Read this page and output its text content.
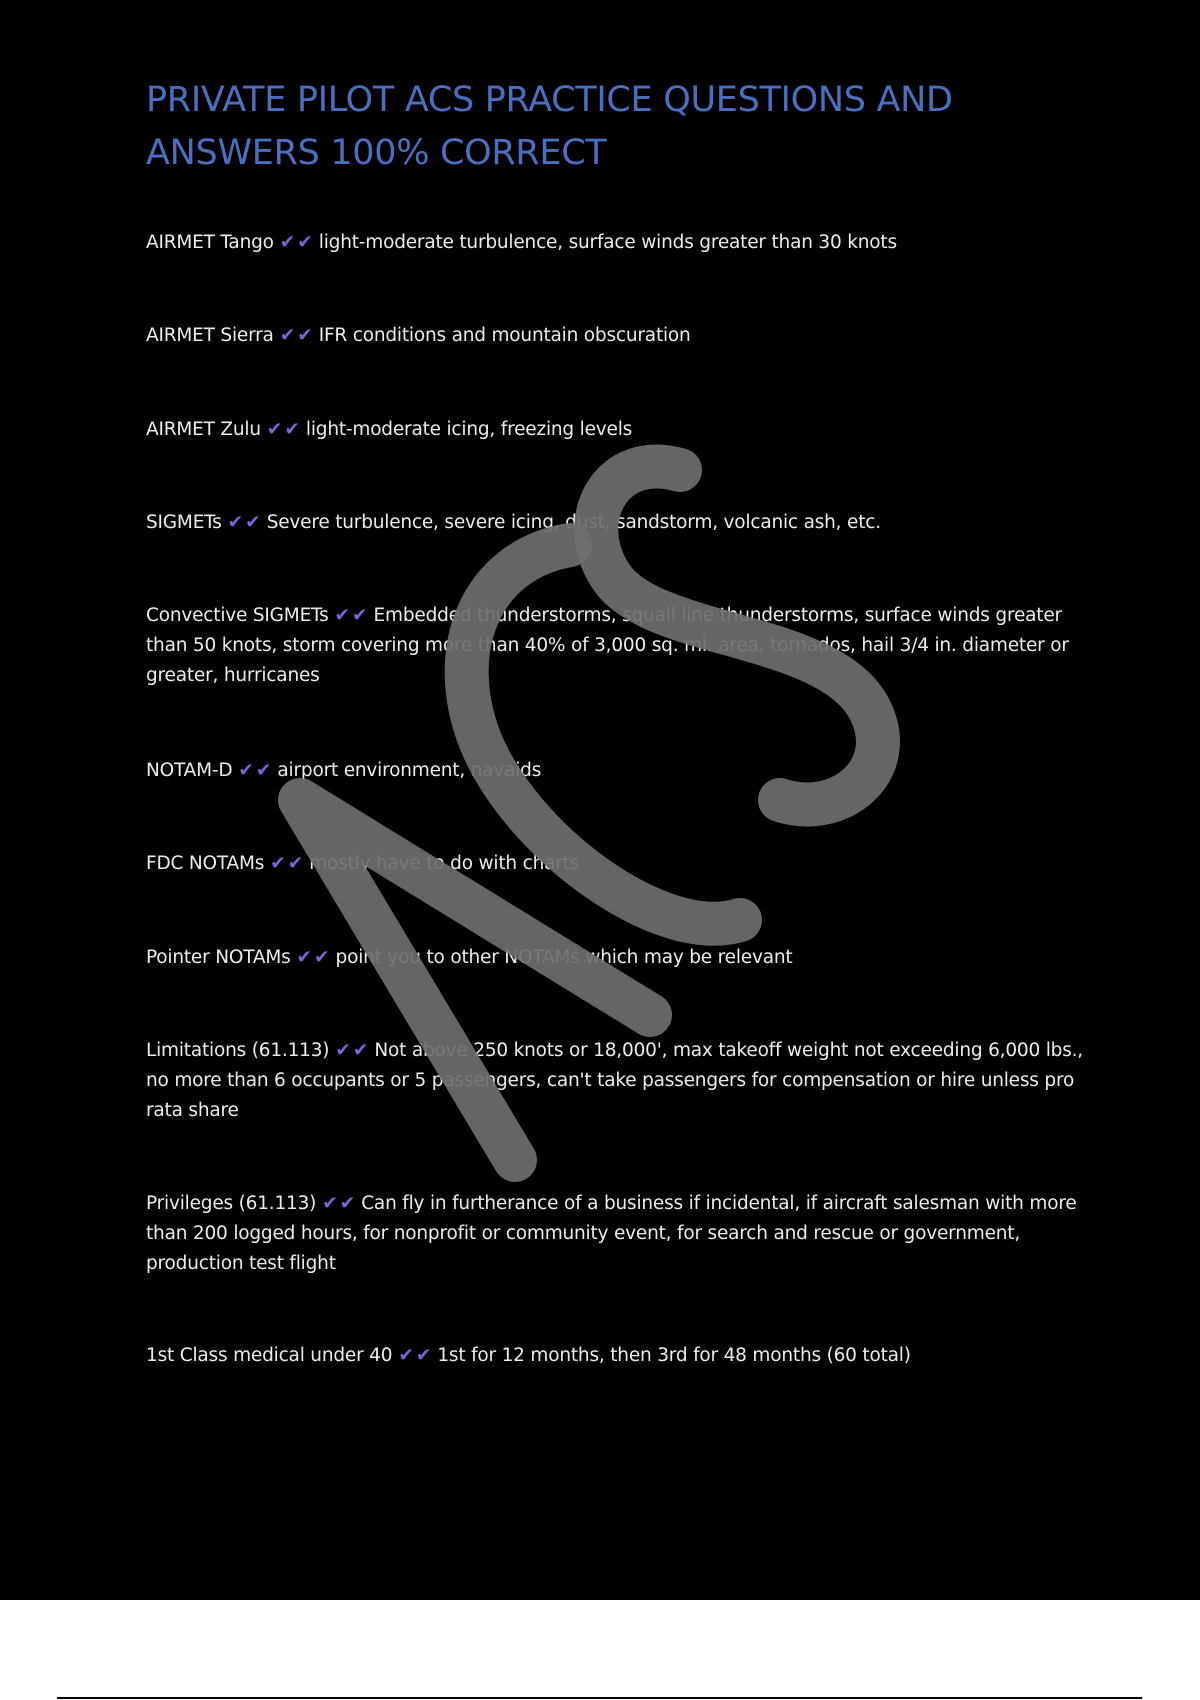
PRIVATE PILOT ACS PRACTICE QUESTIONS AND ANSWERS 100% CORRECT
AIRMET Tango ✔✔ light-moderate turbulence, surface winds greater than 30 knots
AIRMET Sierra ✔✔ IFR conditions and mountain obscuration
AIRMET Zulu ✔✔ light-moderate icing, freezing levels
SIGMETs ✔✔ Severe turbulence, severe icing, dust, sandstorm, volcanic ash, etc.
Convective SIGMETs ✔✔ Embedded thunderstorms, squall line thunderstorms, surface winds greater than 50 knots, storm covering more than 40% of 3,000 sq. mi. area, tornados, hail 3/4 in. diameter or greater, hurricanes
NOTAM-D ✔✔ airport environment, navaids
FDC NOTAMs ✔✔ mostly have to do with charts
Pointer NOTAMs ✔✔ point you to other NOTAMs which may be relevant
Limitations (61.113) ✔✔ Not above 250 knots or 18,000', max takeoff weight not exceeding 6,000 lbs., no more than 6 occupants or 5 passengers, can't take passengers for compensation or hire unless pro rata share
Privileges (61.113) ✔✔ Can fly in furtherance of a business if incidental, if aircraft salesman with more than 200 logged hours, for nonprofit or community event, for search and rescue or government, production test flight
1st Class medical under 40 ✔✔ 1st for 12 months, then 3rd for 48 months (60 total)
